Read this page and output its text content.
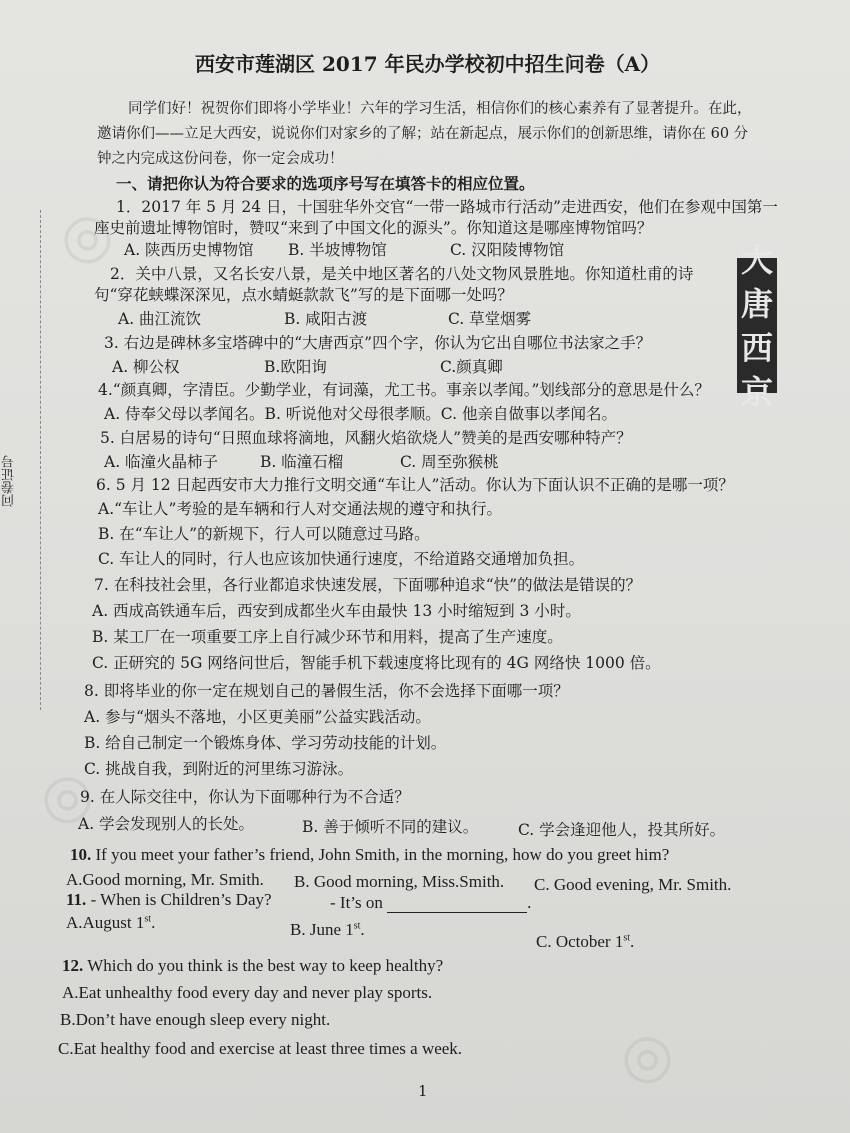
◎
◎
◎
问卷证号
西安市莲湖区 2017 年民办学校初中招生问卷（A）
同学们好！祝贺你们即将小学毕业！六年的学习生活，相信你们的核心素养有了显著提升。在此，
邀请你们——立足大西安，说说你们对家乡的了解；站在新起点，展示你们的创新思维，请你在 60 分
钟之内完成这份问卷，你一定会成功！
一、请把你认为符合要求的选项序号写在填答卡的相应位置。
1．2017 年 5 月 24 日，十国驻华外交官“一带一路城市行活动”走进西安，他们在参观中国第一
座史前遗址博物馆时，赞叹“来到了中国文化的源头”。你知道这是哪座博物馆吗？
A. 陕西历史博物馆 B. 半坡博物馆	C. 汉阳陵博物馆
2．关中八景，又名长安八景，是关中地区著名的八处文物风景胜地。你知道杜甫的诗
句“穿花蛱蝶深深见，点水蜻蜓款款飞”写的是下面哪一处吗？
A. 曲江流饮	B. 咸阳古渡	C. 草堂烟雾
大
唐
西
京
3. 右边是碑林多宝塔碑中的“大唐西京”四个字，你认为它出自哪位书法家之手？
A. 柳公权	B.欧阳询	C.颜真卿
4.“颜真卿，字清臣。少勤学业，有词藻，尤工书。事亲以孝闻。”划线部分的意思是什么？
A. 侍奉父母以孝闻名。B. 听说他对父母很孝顺。C. 他亲自做事以孝闻名。
5. 白居易的诗句“日照血球将滴地，风翻火焰欲烧人”赞美的是西安哪种特产？
A. 临潼火晶柿子	B. 临潼石榴	C. 周至弥猴桃
6. 5 月 12 日起西安市大力推行文明交通“车让人”活动。你认为下面认识不正确的是哪一项？
A.“车让人”考验的是车辆和行人对交通法规的遵守和执行。
B. 在“车让人”的新规下，行人可以随意过马路。
C. 车让人的同时，行人也应该加快通行速度，不给道路交通增加负担。
7. 在科技社会里，各行业都追求快速发展，下面哪种追求“快”的做法是错误的？
A. 西成高铁通车后，西安到成都坐火车由最快 13 小时缩短到 3 小时。
B. 某工厂在一项重要工序上自行减少环节和用料，提高了生产速度。
C. 正研究的 5G 网络问世后，智能手机下载速度将比现有的 4G 网络快 1000 倍。
8. 即将毕业的你一定在规划自己的暑假生活，你不会选择下面哪一项？
A. 参与“烟头不落地，小区更美丽”公益实践活动。
B. 给自己制定一个锻炼身体、学习劳动技能的计划。
C. 挑战自我，到附近的河里练习游泳。
9. 在人际交往中，你认为下面哪种行为不合适？
A. 学会发现别人的长处。	B. 善于倾听不同的建议。	C. 学会逢迎他人，投其所好。
10. If you meet your father’s friend, John Smith, in the morning, how do you greet him?
A.Good morning, Mr. Smith. B. Good morning, Miss.Smith. C. Good evening, Mr. Smith.
11. - When is Children’s Day?	- It’s on	.
A.August 1st.	B. June 1st.
C. October 1st.
12. Which do you think is the best way to keep healthy?
A.Eat unhealthy food every day and never play sports.
B.Don’t have enough sleep every night.
C.Eat healthy food and exercise at least three times a week.
1
